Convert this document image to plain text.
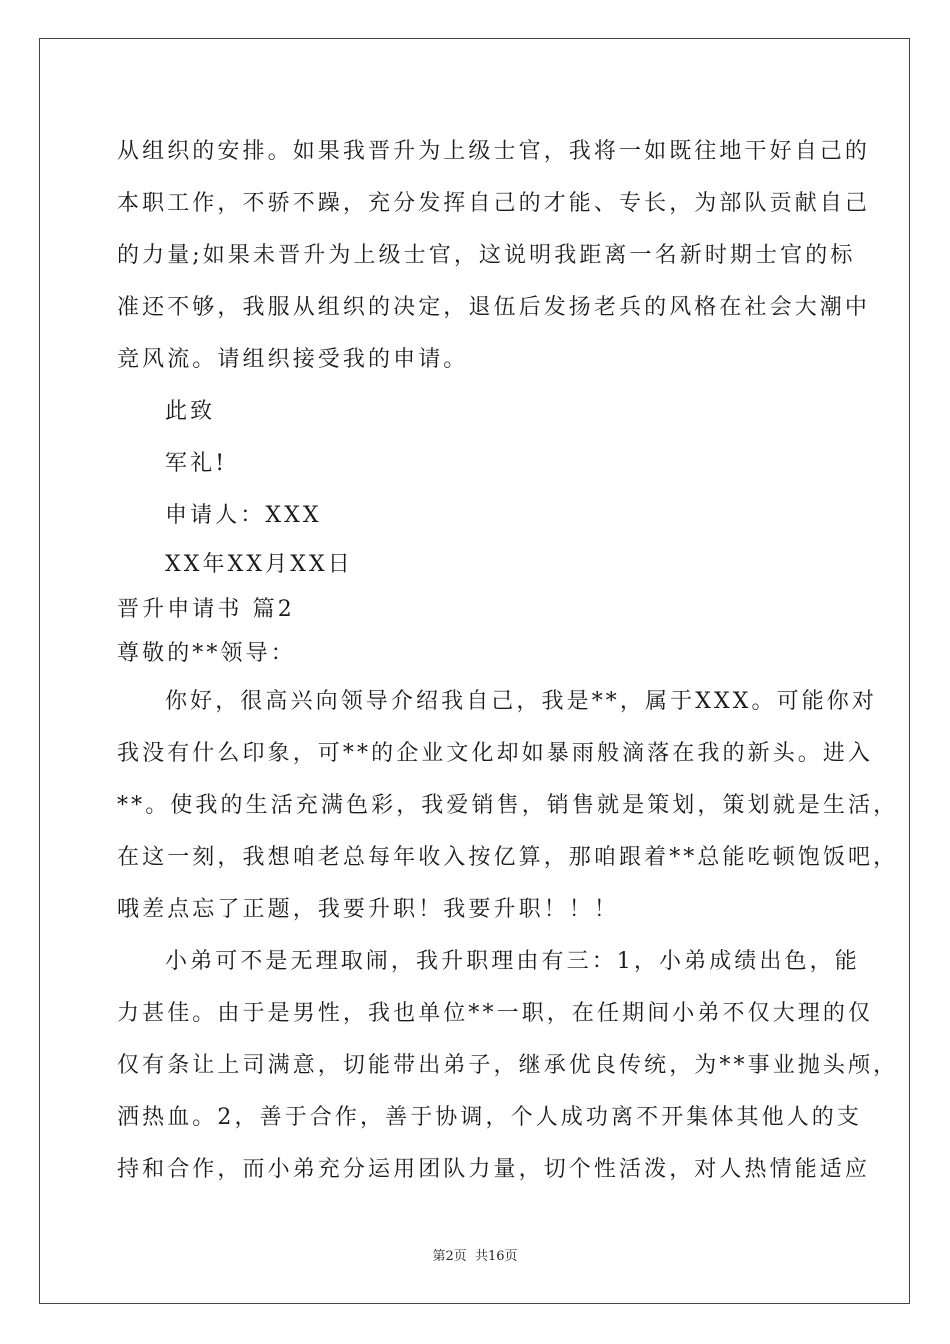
从组织的安排。如果我晋升为上级士官，我将一如既往地干好自己的
本职工作，不骄不躁，充分发挥自己的才能、专长，为部队贡献自己
的力量;如果未晋升为上级士官，这说明我距离一名新时期士官的标
准还不够，我服从组织的决定，退伍后发扬老兵的风格在社会大潮中
竞风流。请组织接受我的申请。
此致
军礼!
申请人：XXX
XX年XX月XX日
晋升申请书 篇2
尊敬的**领导：
你好，很高兴向领导介绍我自己，我是**，属于XXX。可能你对
我没有什么印象，可**的企业文化却如暴雨般滴落在我的新头。进入
**。使我的生活充满色彩，我爱销售，销售就是策划，策划就是生活，
在这一刻，我想咱老总每年收入按亿算，那咱跟着**总能吃顿饱饭吧，
哦差点忘了正题，我要升职！我要升职！！！
小弟可不是无理取闹，我升职理由有三：1，小弟成绩出色，能
力甚佳。由于是男性，我也单位**一职，在任期间小弟不仅大理的仅
仅有条让上司满意，切能带出弟子，继承优良传统，为**事业抛头颅，
洒热血。2，善于合作，善于协调，个人成功离不开集体其他人的支
持和合作，而小弟充分运用团队力量，切个性活泼，对人热情能适应
第2页 共16页
